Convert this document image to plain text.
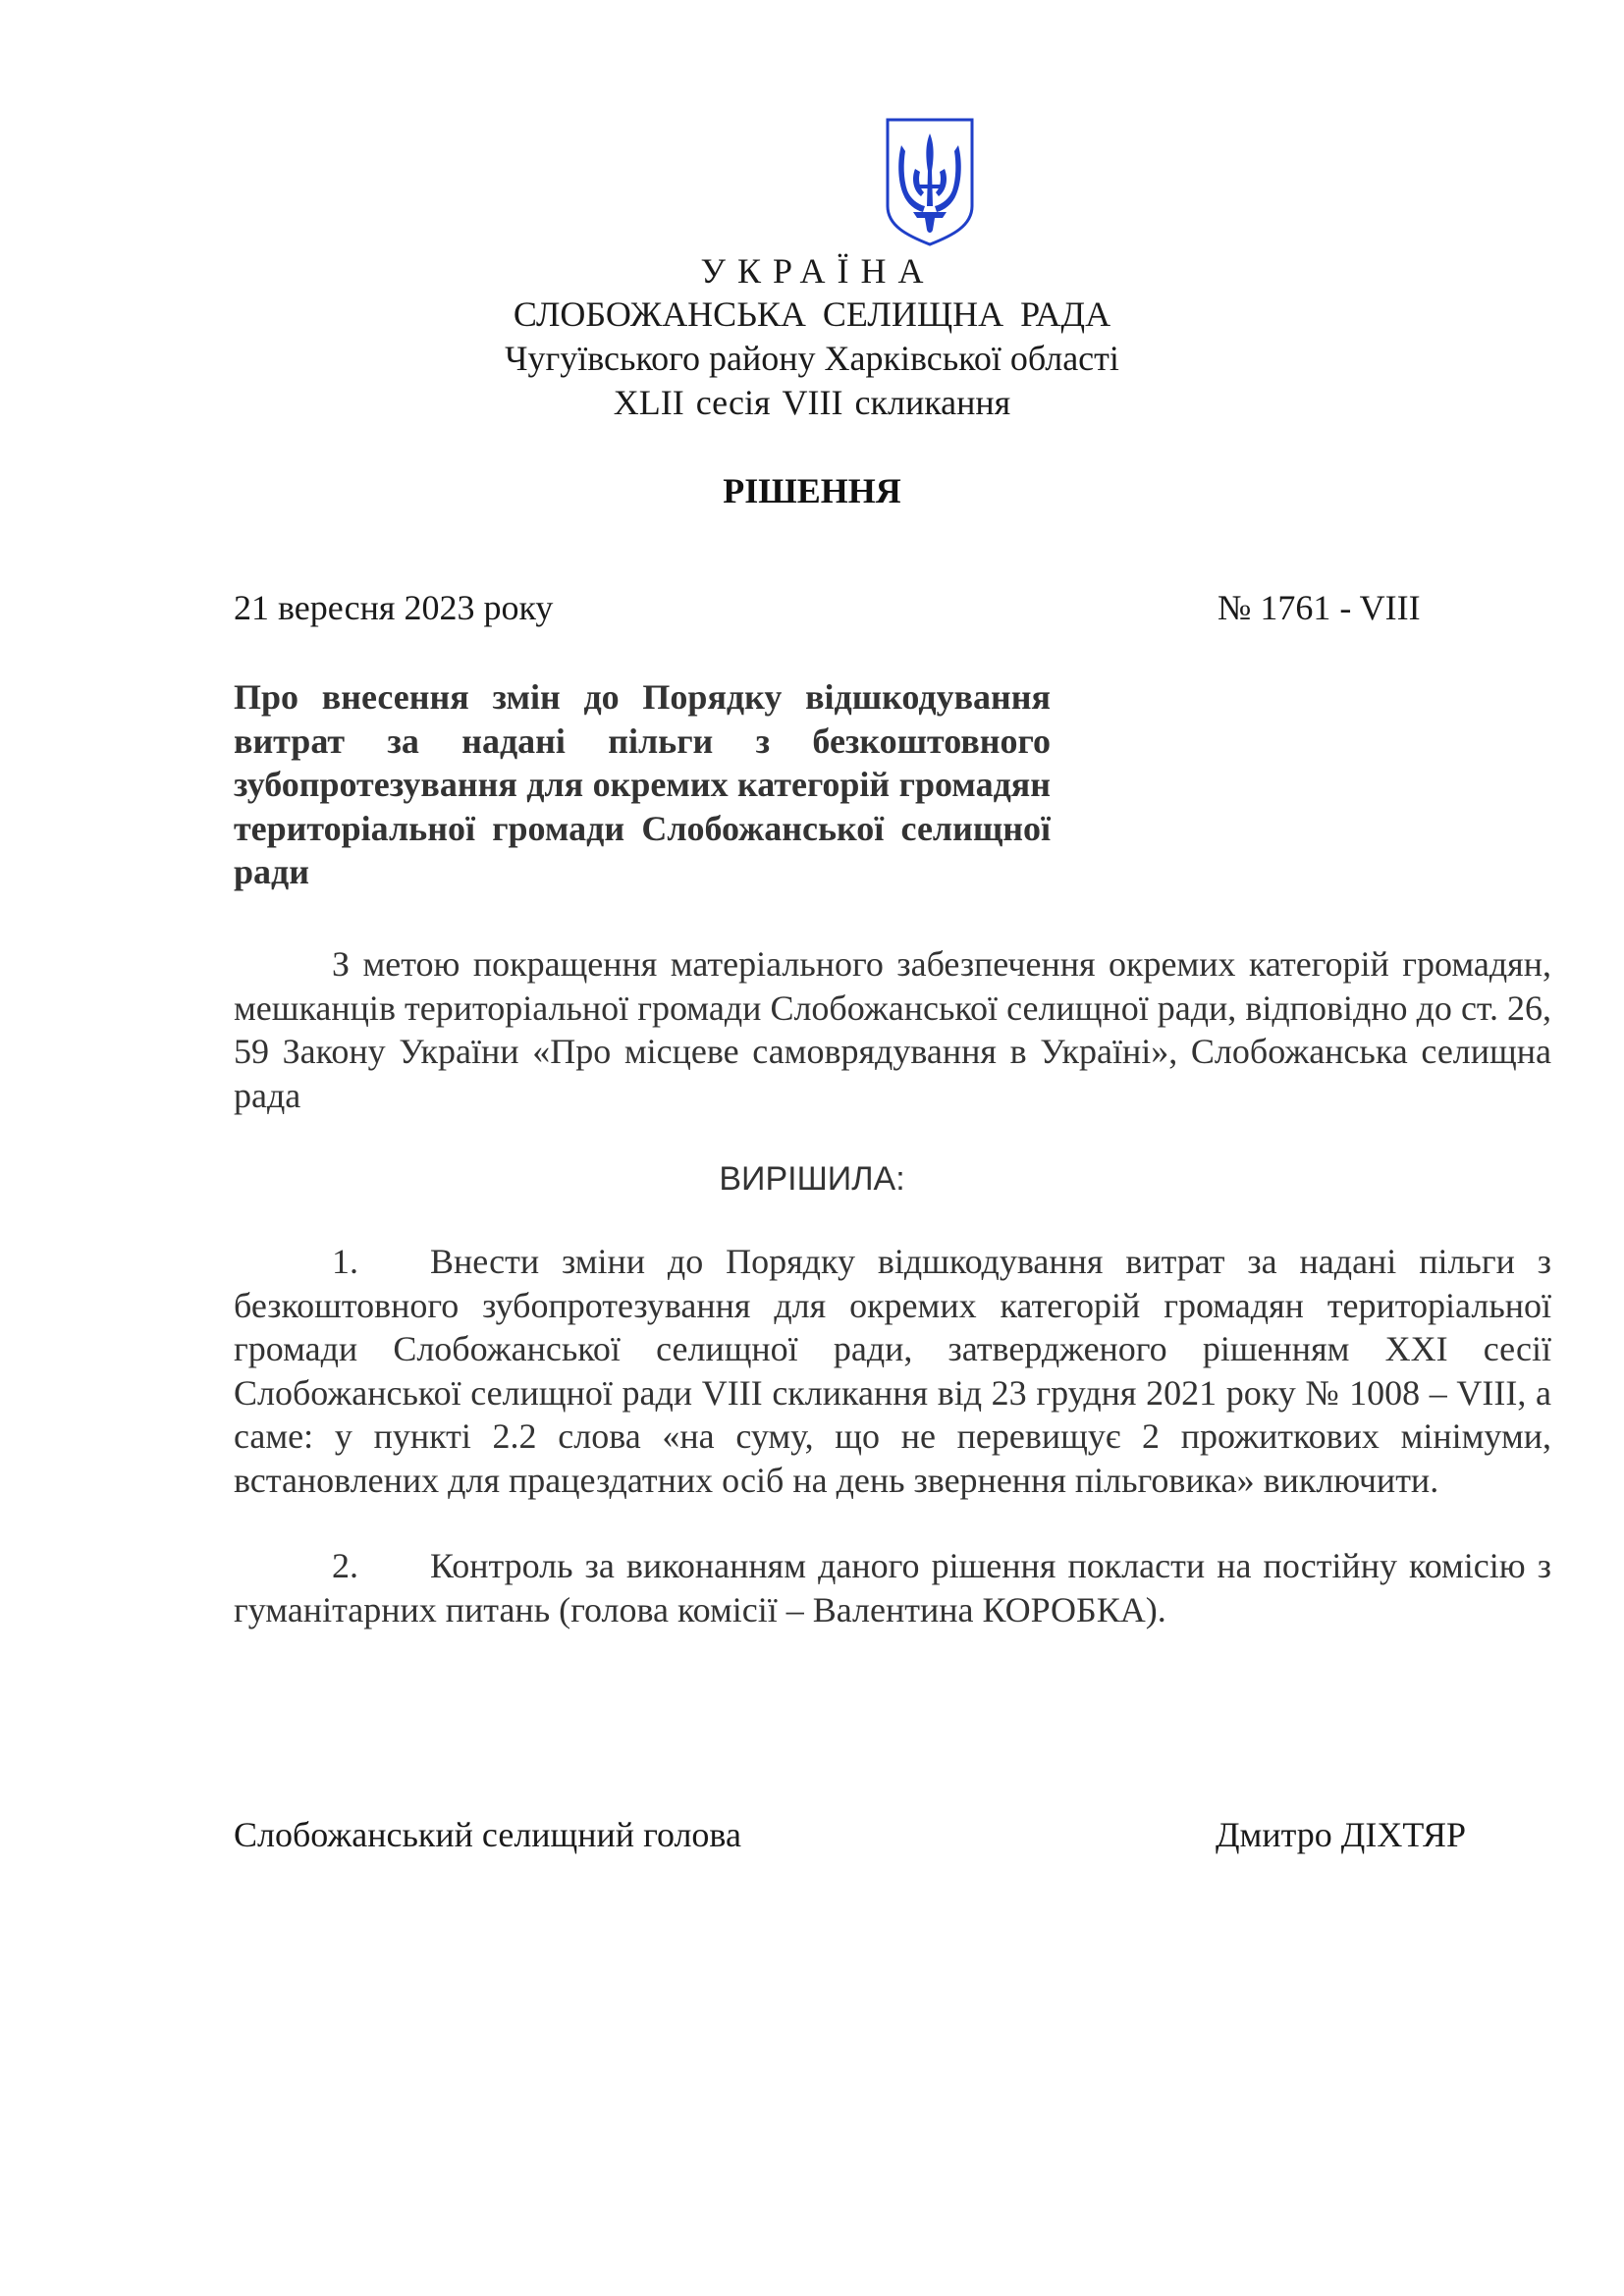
УКРАЇНА
СЛОБОЖАНСЬКА СЕЛИЩНА РАДА
Чугуївського району Харківської області
XLII сесія VIII скликання
РІШЕННЯ
21 вересня 2023 року	№ 1761 - VIII
Про внесення змін до Порядку відшкодування витрат за надані пільги з безкоштовного зубопротезування для окремих категорій громадян територіальної громади Слобожанської селищної ради
З метою покращення матеріального забезпечення окремих категорій громадян, мешканців територіальної громади Слобожанської селищної ради, відповідно до ст. 26, 59 Закону України «Про місцеве самоврядування в Україні», Слобожанська селищна рада
ВИРІШИЛА:
1. Внести зміни до Порядку відшкодування витрат за надані пільги з безкоштовного зубопротезування для окремих категорій громадян територіальної громади Слобожанської селищної ради, затвердженого рішенням XXI сесії Слобожанської селищної ради VIII скликання від 23 грудня 2021 року № 1008 – VIII, а саме: у пункті 2.2 слова «на суму, що не перевищує 2 прожиткових мінімуми, встановлених для працездатних осіб на день звернення пільговика» виключити.
2. Контроль за виконанням даного рішення покласти на постійну комісію з гуманітарних питань (голова комісії – Валентина КОРОБКА).
Слобожанський селищний голова	Дмитро ДІХТЯР
